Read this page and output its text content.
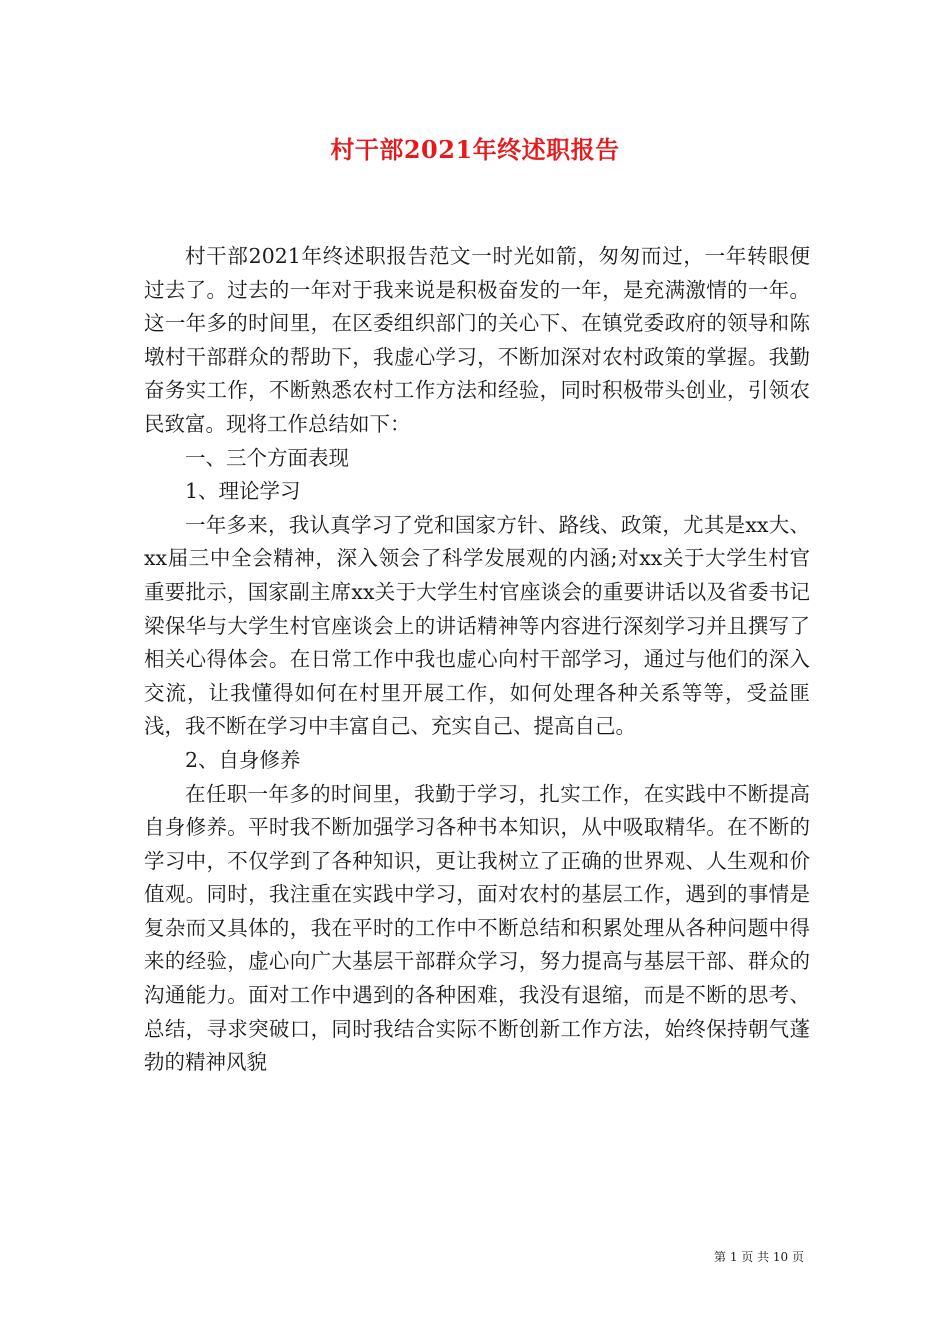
村干部2021年终述职报告

村干部2021年终述职报告范文一时光如箭，匆匆而过，一年转眼便过去了。过去的一年对于我来说是积极奋发的一年，是充满激情的一年。这一年多的时间里，在区委组织部门的关心下、在镇党委政府的领导和陈墩村干部群众的帮助下，我虚心学习，不断加深对农村政策的掌握。我勤奋务实工作，不断熟悉农村工作方法和经验，同时积极带头创业，引领农民致富。现将工作总结如下：

一、三个方面表现

1、理论学习

一年多来，我认真学习了党和国家方针、路线、政策，尤其是xx大、xx届三中全会精神，深入领会了科学发展观的内涵;对xx关于大学生村官重要批示，国家副主席xx关于大学生村官座谈会的重要讲话以及省委书记梁保华与大学生村官座谈会上的讲话精神等内容进行深刻学习并且撰写了相关心得体会。在日常工作中我也虚心向村干部学习，通过与他们的深入交流，让我懂得如何在村里开展工作，如何处理各种关系等等，受益匪浅，我不断在学习中丰富自己、充实自己、提高自己。

2、自身修养

在任职一年多的时间里，我勤于学习，扎实工作，在实践中不断提高自身修养。平时我不断加强学习各种书本知识，从中吸取精华。在不断的学习中，不仅学到了各种知识，更让我树立了正确的世界观、人生观和价值观。同时，我注重在实践中学习，面对农村的基层工作，遇到的事情是复杂而又具体的，我在平时的工作中不断总结和积累处理从各种问题中得来的经验，虚心向广大基层干部群众学习，努力提高与基层干部、群众的沟通能力。面对工作中遇到的各种困难，我没有退缩，而是不断的思考、总结，寻求突破口，同时我结合实际不断创新工作方法，始终保持朝气蓬勃的精神风貌

第 1 页 共 10 页
